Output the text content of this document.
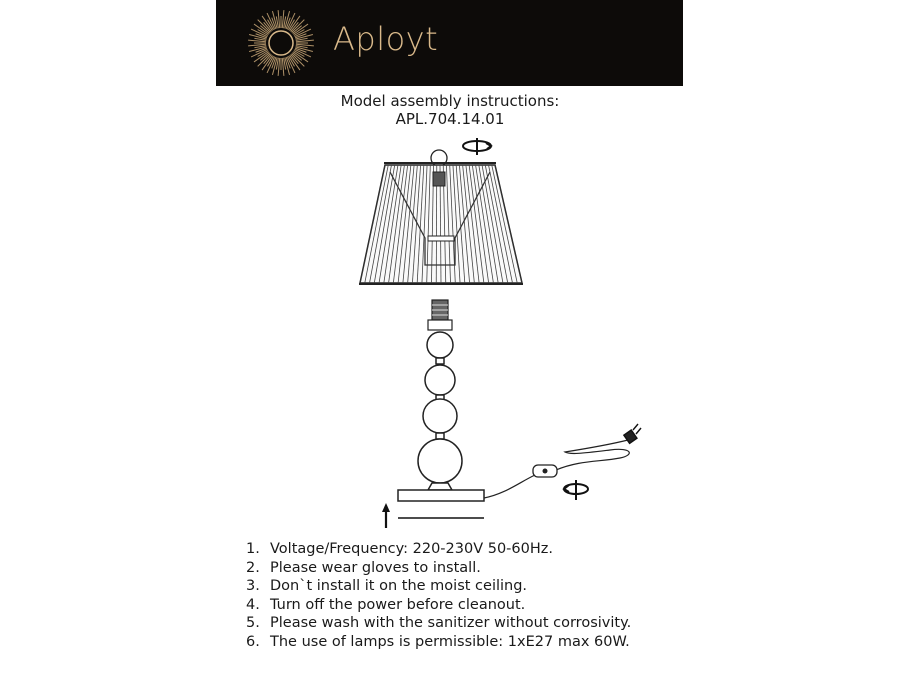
Aployt
Model assembly instructions:
APL.704.14.01
1. Voltage/Frequency: 220-230V 50-60Hz.
2. Please wear gloves to install.
3. Don`t install it on the moist ceiling.
4. Turn off the power before cleanout.
5. Please wash with the sanitizer without corrosivity.
6. The use of lamps is permissible: 1xE27 max 60W.
